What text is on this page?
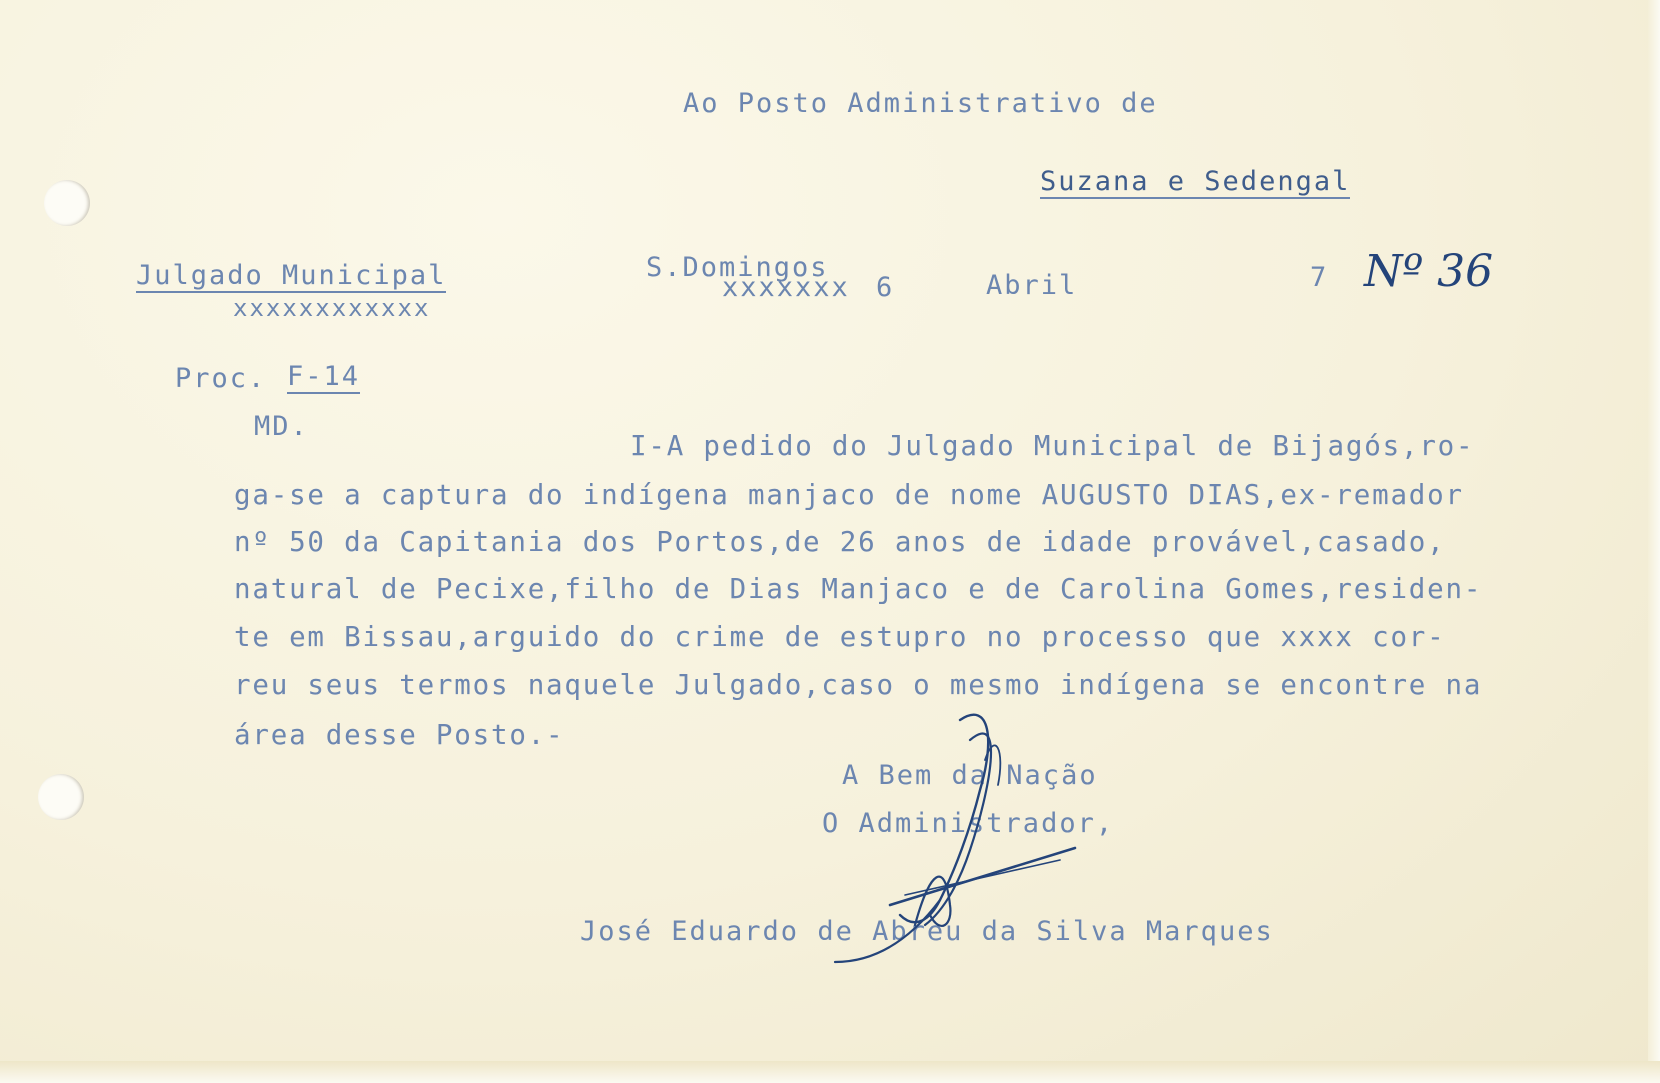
Ao Posto Administrativo de
Suzana e Sedengal
Julgado Municipal
xxxxxxxxxxxx
S.Domingos
xxxxxxx 6	Abril	7 Nº 36
Proc. F-14
MD.
I-A pedido do Julgado Municipal de Bijagós,ro-
ga-se a captura do indígena manjaco de nome AUGUSTO DIAS,ex-remador
nº 50 da Capitania dos Portos,de 26 anos de idade provável,casado,
natural de Pecixe,filho de Dias Manjaco e de Carolina Gomes,residen-
te em Bissau,arguido do crime de estupro no processo que xxxx cor-
reu seus termos naquele Julgado,caso o mesmo indígena se encontre na
área desse Posto.-
A Bem da Nação
O Administrador,
José Eduardo de Abreu da Silva Marques
